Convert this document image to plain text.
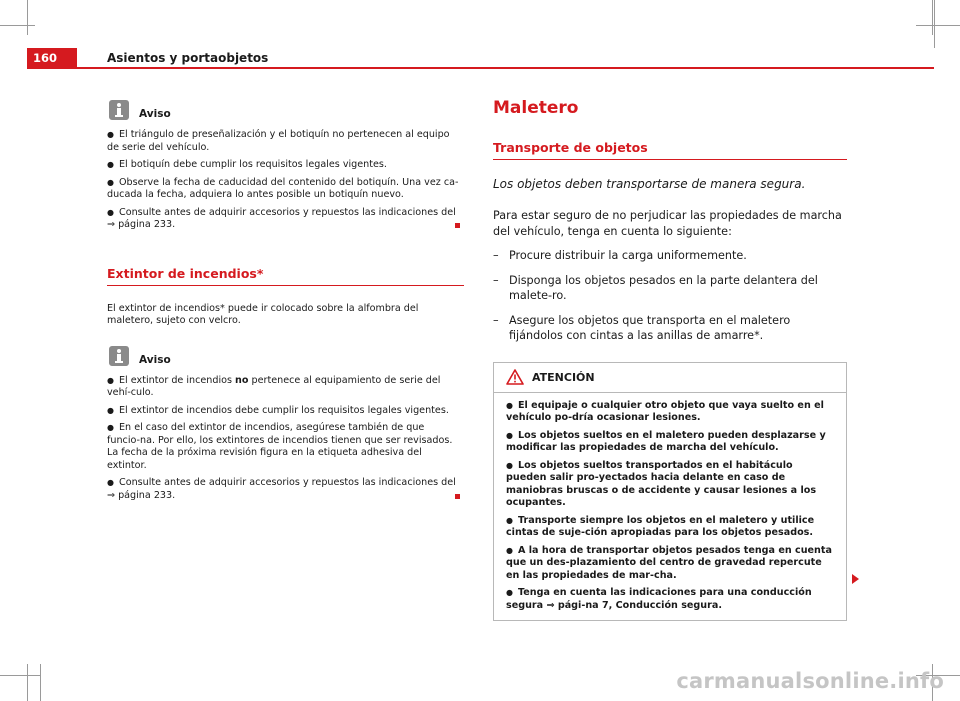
160	Asientos y portaobjetos
Aviso
● El triángulo de preseñalización y el botiquín no pertenecen al equipo de serie del vehículo.
● El botiquín debe cumplir los requisitos legales vigentes.
● Observe la fecha de caducidad del contenido del botiquín. Una vez ca-ducada la fecha, adquiera lo antes posible un botiquín nuevo.
● Consulte antes de adquirir accesorios y repuestos las indicaciones del ⇒ página 233.
Extintor de incendios*
El extintor de incendios* puede ir colocado sobre la alfombra del maletero, sujeto con velcro.
Aviso
● El extintor de incendios no pertenece al equipamiento de serie del vehí-culo.
● El extintor de incendios debe cumplir los requisitos legales vigentes.
● En el caso del extintor de incendios, asegúrese también de que funcio-na. Por ello, los extintores de incendios tienen que ser revisados. La fecha de la próxima revisión figura en la etiqueta adhesiva del extintor.
● Consulte antes de adquirir accesorios y repuestos las indicaciones del ⇒ página 233.
Maletero
Transporte de objetos
Los objetos deben transportarse de manera segura.
Para estar seguro de no perjudicar las propiedades de marcha del vehículo, tenga en cuenta lo siguiente:
– Procure distribuir la carga uniformemente.
– Disponga los objetos pesados en la parte delantera del malete-ro.
– Asegure los objetos que transporta en el maletero fijándolos con cintas a las anillas de amarre*.
ATENCIÓN
● El equipaje o cualquier otro objeto que vaya suelto en el vehículo po-dría ocasionar lesiones.
● Los objetos sueltos en el maletero pueden desplazarse y modificar las propiedades de marcha del vehículo.
● Los objetos sueltos transportados en el habitáculo pueden salir pro-yectados hacia delante en caso de maniobras bruscas o de accidente y causar lesiones a los ocupantes.
● Transporte siempre los objetos en el maletero y utilice cintas de suje-ción apropiadas para los objetos pesados.
● A la hora de transportar objetos pesados tenga en cuenta que un des-plazamiento del centro de gravedad repercute en las propiedades de mar-cha.
● Tenga en cuenta las indicaciones para una conducción segura ⇒ pági-na 7, Conducción segura.
carmanualsonline.info
